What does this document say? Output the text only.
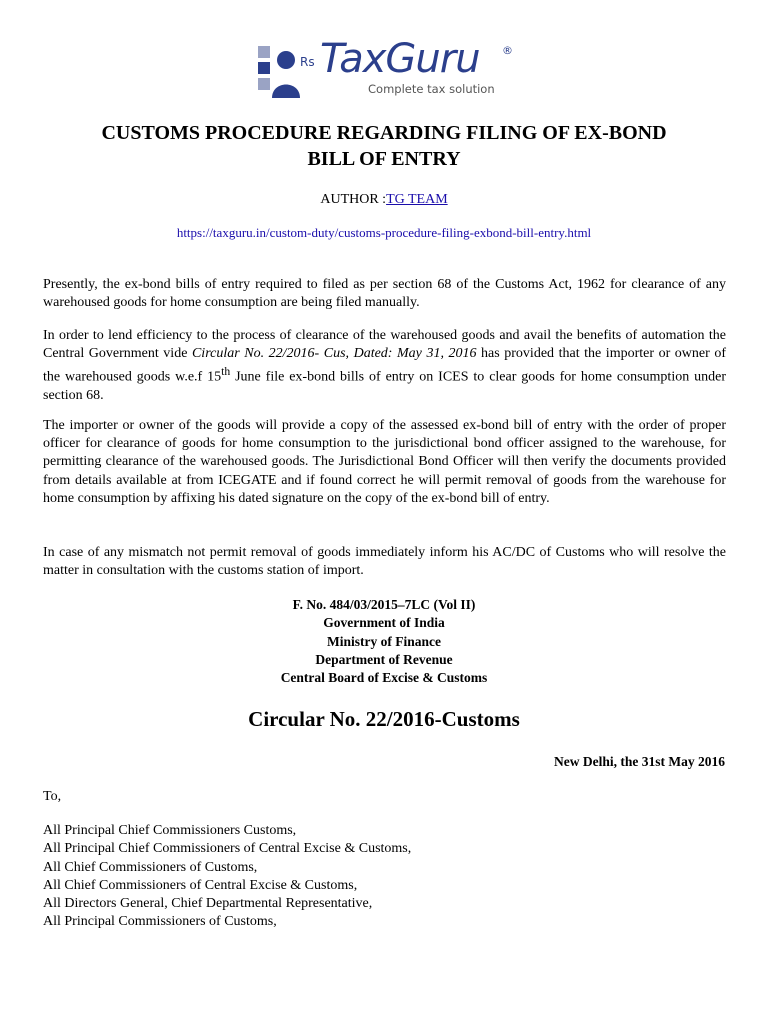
Rs TaxGuru ®
Complete tax solution
CUSTOMS PROCEDURE REGARDING FILING OF EX-BOND
BILL OF ENTRY
AUTHOR :TG TEAM
https://taxguru.in/custom-duty/customs-procedure-filing-exbond-bill-entry.html
Presently, the ex-bond bills of entry required to filed as per section 68 of the Customs Act, 1962 for clearance of any warehoused goods for home consumption are being filed manually.
In order to lend efficiency to the process of clearance of the warehoused goods and avail the benefits of automation the Central Government vide Circular No. 22/2016- Cus, Dated: May 31, 2016 has provided that the importer or owner of the warehoused goods w.e.f 15th June file ex-bond bills of entry on ICES to clear goods for home consumption under section 68.
The importer or owner of the goods will provide a copy of the assessed ex-bond bill of entry with the order of proper officer for clearance of goods for home consumption to the jurisdictional bond officer assigned to the warehouse, for permitting clearance of the warehoused goods. The Jurisdictional Bond Officer will then verify the documents provided from details available at from ICEGATE and if found correct he will permit removal of goods from the warehouse for home consumption by affixing his dated signature on the copy of the ex-bond bill of entry.
In case of any mismatch not permit removal of goods immediately inform his AC/DC of Customs who will resolve the matter in consultation with the customs station of import.
F. No. 484/03/2015–7LC (Vol II)
Government of India
Ministry of Finance
Department of Revenue
Central Board of Excise & Customs
Circular No. 22/2016-Customs
New Delhi, the 31st May 2016
To,
All Principal Chief Commissioners Customs,
All Principal Chief Commissioners of Central Excise & Customs,
All Chief Commissioners of Customs,
All Chief Commissioners of Central Excise & Customs,
All Directors General, Chief Departmental Representative,
All Principal Commissioners of Customs,
